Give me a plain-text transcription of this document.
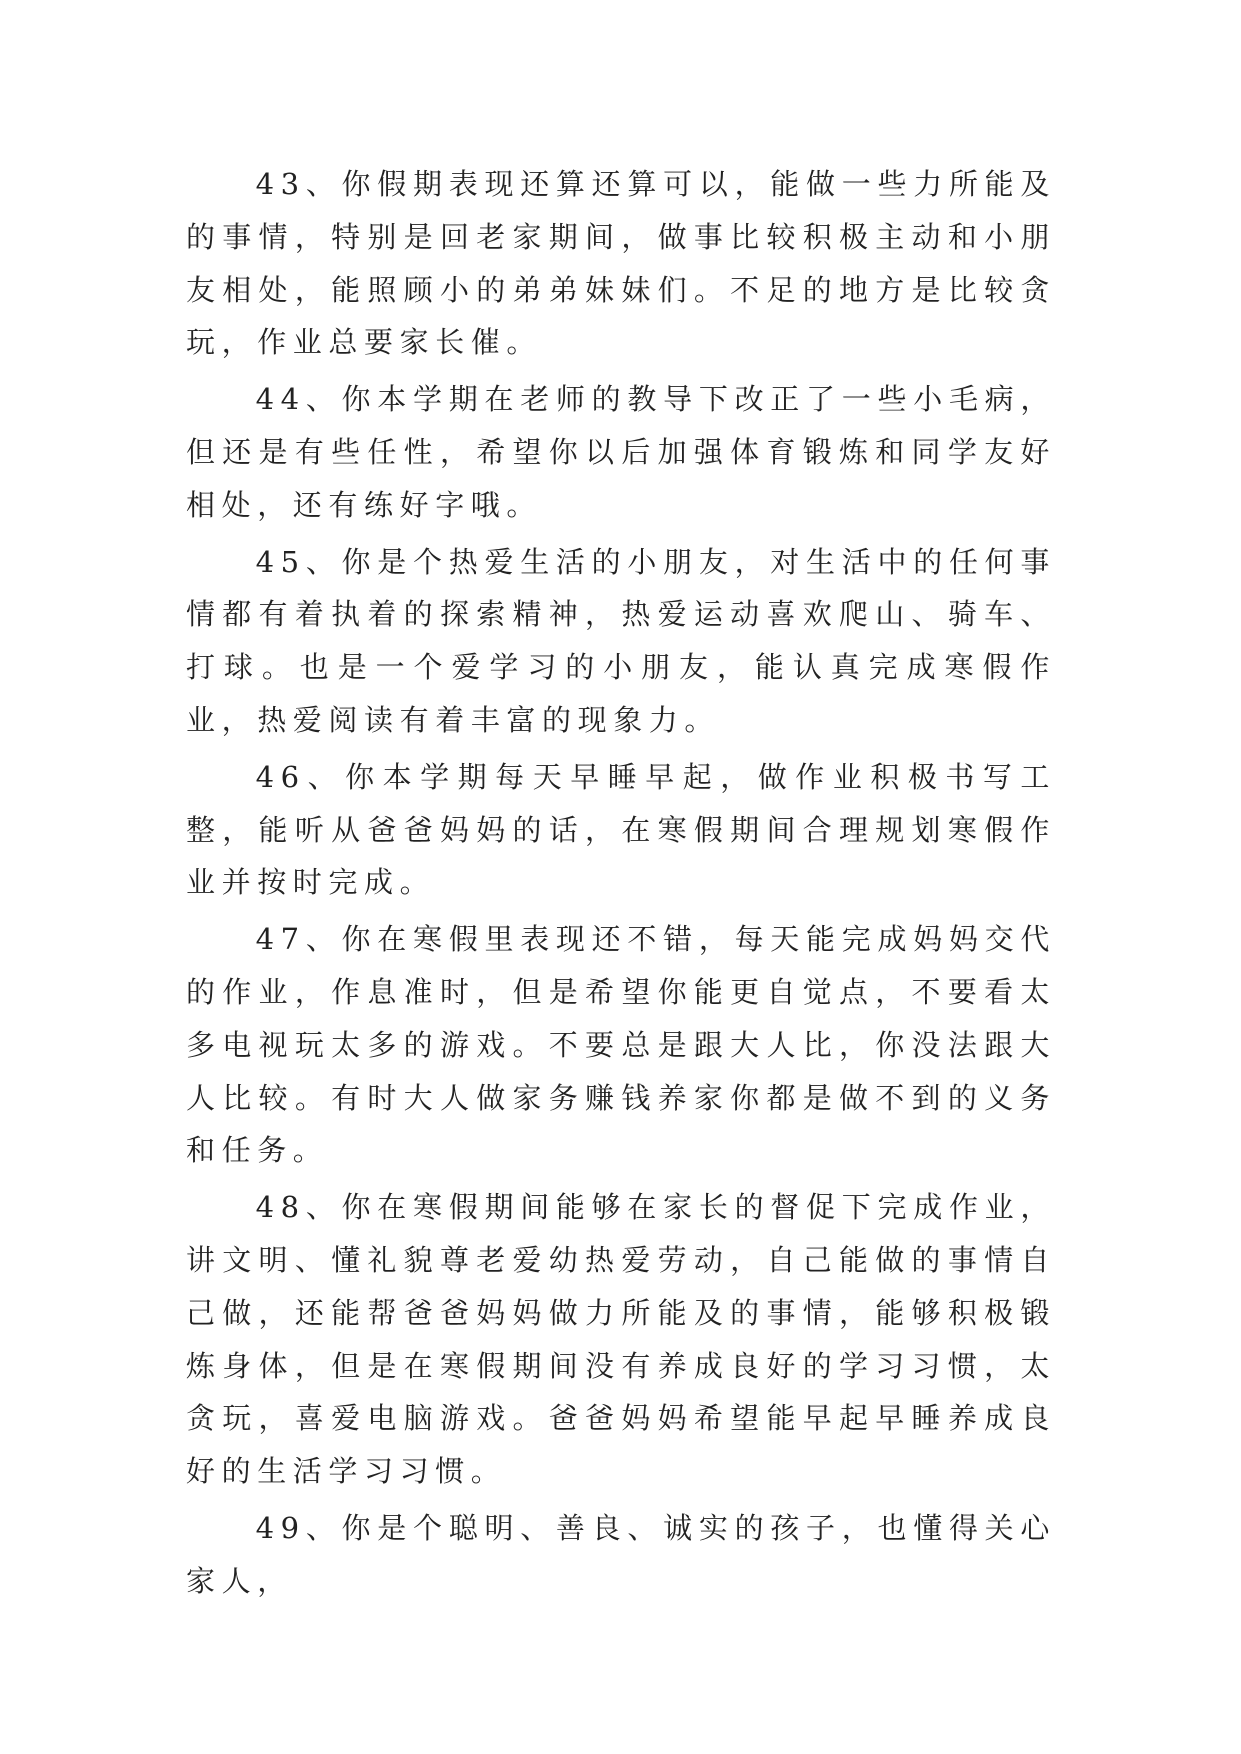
43、你假期表现还算还算可以，能做一些力所能及的事情，特别是回老家期间，做事比较积极主动和小朋友相处，能照顾小的弟弟妹妹们。不足的地方是比较贪玩，作业总要家长催。

44、你本学期在老师的教导下改正了一些小毛病，但还是有些任性，希望你以后加强体育锻炼和同学友好相处，还有练好字哦。

45、你是个热爱生活的小朋友，对生活中的任何事情都有着执着的探索精神，热爱运动喜欢爬山、骑车、打球。也是一个爱学习的小朋友，能认真完成寒假作业，热爱阅读有着丰富的现象力。

46、你本学期每天早睡早起，做作业积极书写工整，能听从爸爸妈妈的话，在寒假期间合理规划寒假作业并按时完成。

47、你在寒假里表现还不错，每天能完成妈妈交代的作业，作息准时，但是希望你能更自觉点，不要看太多电视玩太多的游戏。不要总是跟大人比，你没法跟大人比较。有时大人做家务赚钱养家你都是做不到的义务和任务。

48、你在寒假期间能够在家长的督促下完成作业，讲文明、懂礼貌尊老爱幼热爱劳动，自己能做的事情自己做，还能帮爸爸妈妈做力所能及的事情，能够积极锻炼身体，但是在寒假期间没有养成良好的学习习惯，太贪玩，喜爱电脑游戏。爸爸妈妈希望能早起早睡养成良好的生活学习习惯。

49、你是个聪明、善良、诚实的孩子，也懂得关心家人，
